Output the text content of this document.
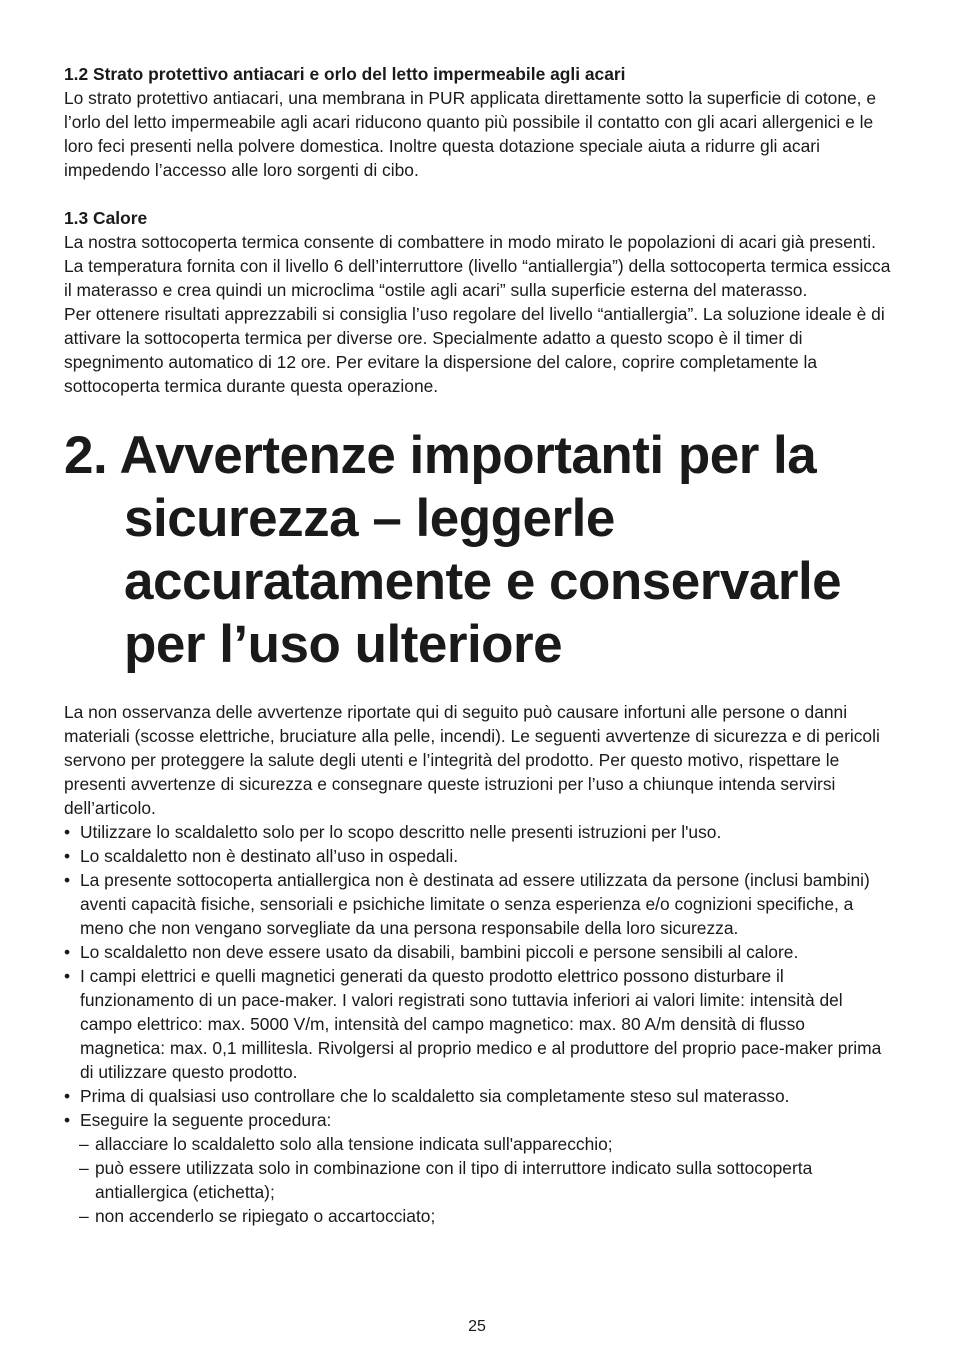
1.2 Strato protettivo antiacari e orlo del letto impermeabile agli acari

Lo strato protettivo antiacari, una membrana in PUR applicata direttamente sotto la superficie di cotone, e l’orlo del letto impermeabile agli acari riducono quanto più possibile il contatto con gli acari allergenici e le loro feci presenti nella polvere domestica. Inoltre questa dotazione speciale aiuta a ridurre gli acari impedendo l’accesso alle loro sorgenti di cibo.

1.3 Calore

La nostra sottocoperta termica consente di combattere in modo mirato le popolazioni di acari già presenti. La temperatura fornita con il livello 6 dell’interruttore (livello “antiallergia”) della sottocoperta termica essicca il materasso e crea quindi un microclima “ostile agli acari” sulla superficie esterna del materasso.

Per ottenere risultati apprezzabili si consiglia l’uso regolare del livello “antiallergia”. La soluzione ideale è di attivare la sottocoperta termica per diverse ore. Specialmente adatto a questo scopo è il timer di spegnimento automatico di 12 ore. Per evitare la dispersione del calore, coprire completamente la sottocoperta termica durante questa operazione.

2. Avvertenze importanti per la sicurezza – leggerle accuratamente e conservarle per l’uso ulteriore

La non osservanza delle avvertenze riportate qui di seguito può causare infortuni alle persone o danni materiali (scosse elettriche, bruciature alla pelle, incendi). Le seguenti avvertenze di sicurezza e di pericoli servono per proteggere la salute degli utenti e l’integrità del prodotto. Per questo motivo, rispettare le presenti avvertenze di sicurezza e consegnare queste istruzioni per l’uso a chiunque intenda servirsi dell’articolo.

• Utilizzare lo scaldaletto solo per lo scopo descritto nelle presenti istruzioni per l'uso.
• Lo scaldaletto non è destinato all’uso in ospedali.
• La presente sottocoperta antiallergica non è destinata ad essere utilizzata da persone (inclusi bambini) aventi capacità fisiche, sensoriali e psichiche limitate o senza esperienza e/o cognizioni specifiche, a meno che non vengano sorvegliate da una persona responsabile della loro sicurezza.
• Lo scaldaletto non deve essere usato da disabili, bambini piccoli e persone sensibili al calore.
• I campi elettrici e quelli magnetici generati da questo prodotto elettrico possono disturbare il funzionamento di un pace-maker. I valori registrati sono tuttavia inferiori ai valori limite: intensità del campo elettrico: max. 5000 V/m, intensità del campo magnetico: max. 80 A/m densità di flusso magnetica: max. 0,1 millitesla. Rivolgersi al proprio medico e al produttore del proprio pace-maker prima di utilizzare questo prodotto.
• Prima di qualsiasi uso controllare che lo scaldaletto sia completamente steso sul materasso.
• Eseguire la seguente procedura:
– allacciare lo scaldaletto solo alla tensione indicata sull'apparecchio;
– può essere utilizzata solo in combinazione con il tipo di interruttore indicato sulla sottocoperta antiallergica (etichetta);
– non accenderlo se ripiegato o accartocciato;
25
